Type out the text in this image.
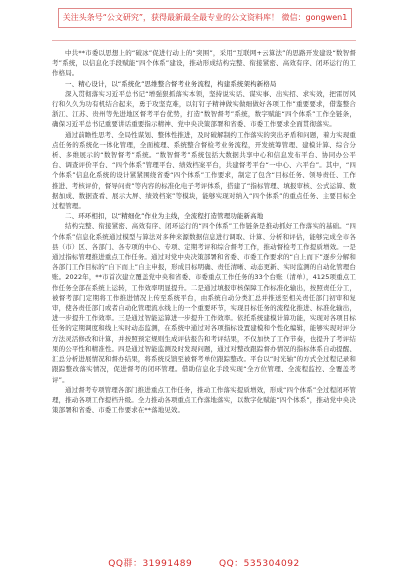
关注头条号“公文研究”，获得最新最全最专业的公文资料库！ 微信：gongwen1

中共**市委以思想上的“破冰”促进行动上的“突围”，采用“互联网+云算法”的思路开发建设“数智督考”系统，以信息化手段赋能“四个体系”建设，推动形成结构完整、衔接紧密、高效有序、闭环运行的工作格局。

一、精心设计，以“系统化”思维整合督考业务流程，构建系统架构新格局

深入贯彻落实习近平总书记“增强狠抓落实本领，坚持说实话、谋实事、出实招、求实效，把雷厉风行和久久为功有机结合起来，勇于攻坚克难，以钉钉子精神做实做细做好各项工作”重要要求，借鉴整合浙江、江苏、贵州等先进地区督考平台优势，打造“数智督考”系统，数字赋能“四个体系”工作全链条，确保习近平总书记重要讲话重要指示精神、党中央决策部署和省委、市委工作要求全面贯彻落实。

通过前瞻性思考、全局性谋划、整体性推进，及时破解制约工作落实的突出矛盾和问题，着力实现重点任务的系统化一体化管理，全面梳理、系统整合督检考业务流程，开发统筹管理、建模计算、综合分析、多维展示的“数智督考”系统。“数智督考”系统包括大数据共享中心和信息发布平台、协同办公平台、调查评价平台、“四个体系”管理平台、绩效档案平台，共建督考平台“一中心、六平台”。其中，“四个体系”信息化系统的设计紧紧围绕省委“四个体系”工作要求，制定了包含“目标任务、领导责任、工作推进、考核评价，督导问责”等内容的标准化电子考评体系，搭建了“指标管理、填报审核、公式运算、数据加成、数据查看、展示大屏、绩效档案”等模块，能够实现对纳入“四个体系”的重点任务、主要目标全过程管理。

二、环环相扣，以“精细化”作业为主线，全流程打造管理功能新高地

结构完整、衔接紧密、高效有序、闭环运行的“四个体系”工作链条是推动抓好工作落实的基础。“四个体系”信息化系统通过模型与算法对多种来源数据信息进行调取、计算、分析和评估，能够完成全市各县（市）区、各部门、各专项的中心、专项、定期考评和综合督考工作，推动督检考工作提质增效。一是通过指标管理推进重点工作任务。通过对党中央决策部署和省委、市委工作要求的“自上而下”逐步分解和各部门工作目标的“自下而上”自主申报，形成目标明确、责任清晰、动态更新、实时监测的自动化管理台账。2022年，**市首次建立覆盖党中央和省委、市委重点工作任务的33个台账（清单），4125项重点工作任务全部在系统上运转，工作效率明显提升。二是通过填报审核保障工作标准化输出，按照责任分工，被督考部门定期将工作推进情况上传至系统平台，由系统自动分类汇总并推送至相关责任部门初审和复审，使各责任部门或者自动化管理流水线上的一个重要环节，实现目标任务的流程化推进、标准化输出，进一步提升工作效率。三是通过智能运算进一步提升工作效率。依托系统建模计算功能，实现对各项目标任务的定期调度和线上实时动态监测，在系统中通过对各项指标设置建模和个性化编辑，能够实现对评分方法灵活修改和计算，并按照预定规则生成评估报告和考评结果，不仅加快了工作节奏，也提升了考评结果的公平性和精准性。四是通过智能监测及时发现问题，通过对整改跟踪督办情况的指标体系自动提醒、汇总分析进展情况和督办结果，将系统反馈至被督考单位跟踪整改。平台以“时光轴”的方式全过程记录和跟踪整改落实情况，促进督考的闭环管理。借助信息化手段实现“全方位管理、全流程监控、全覆盖考评”。

通过督考专项管理各部门推进重点工作任务，推动工作落实提质增效，形成“四个体系”全过程闭环管理，推动各项工作提档升级。全力推动各项重点工作落地落实，以数字化赋能“四个体系”，推动党中央决策部署和省委、市委工作要求在**落地见效。

QQ群：31991489	QQ：535304092
